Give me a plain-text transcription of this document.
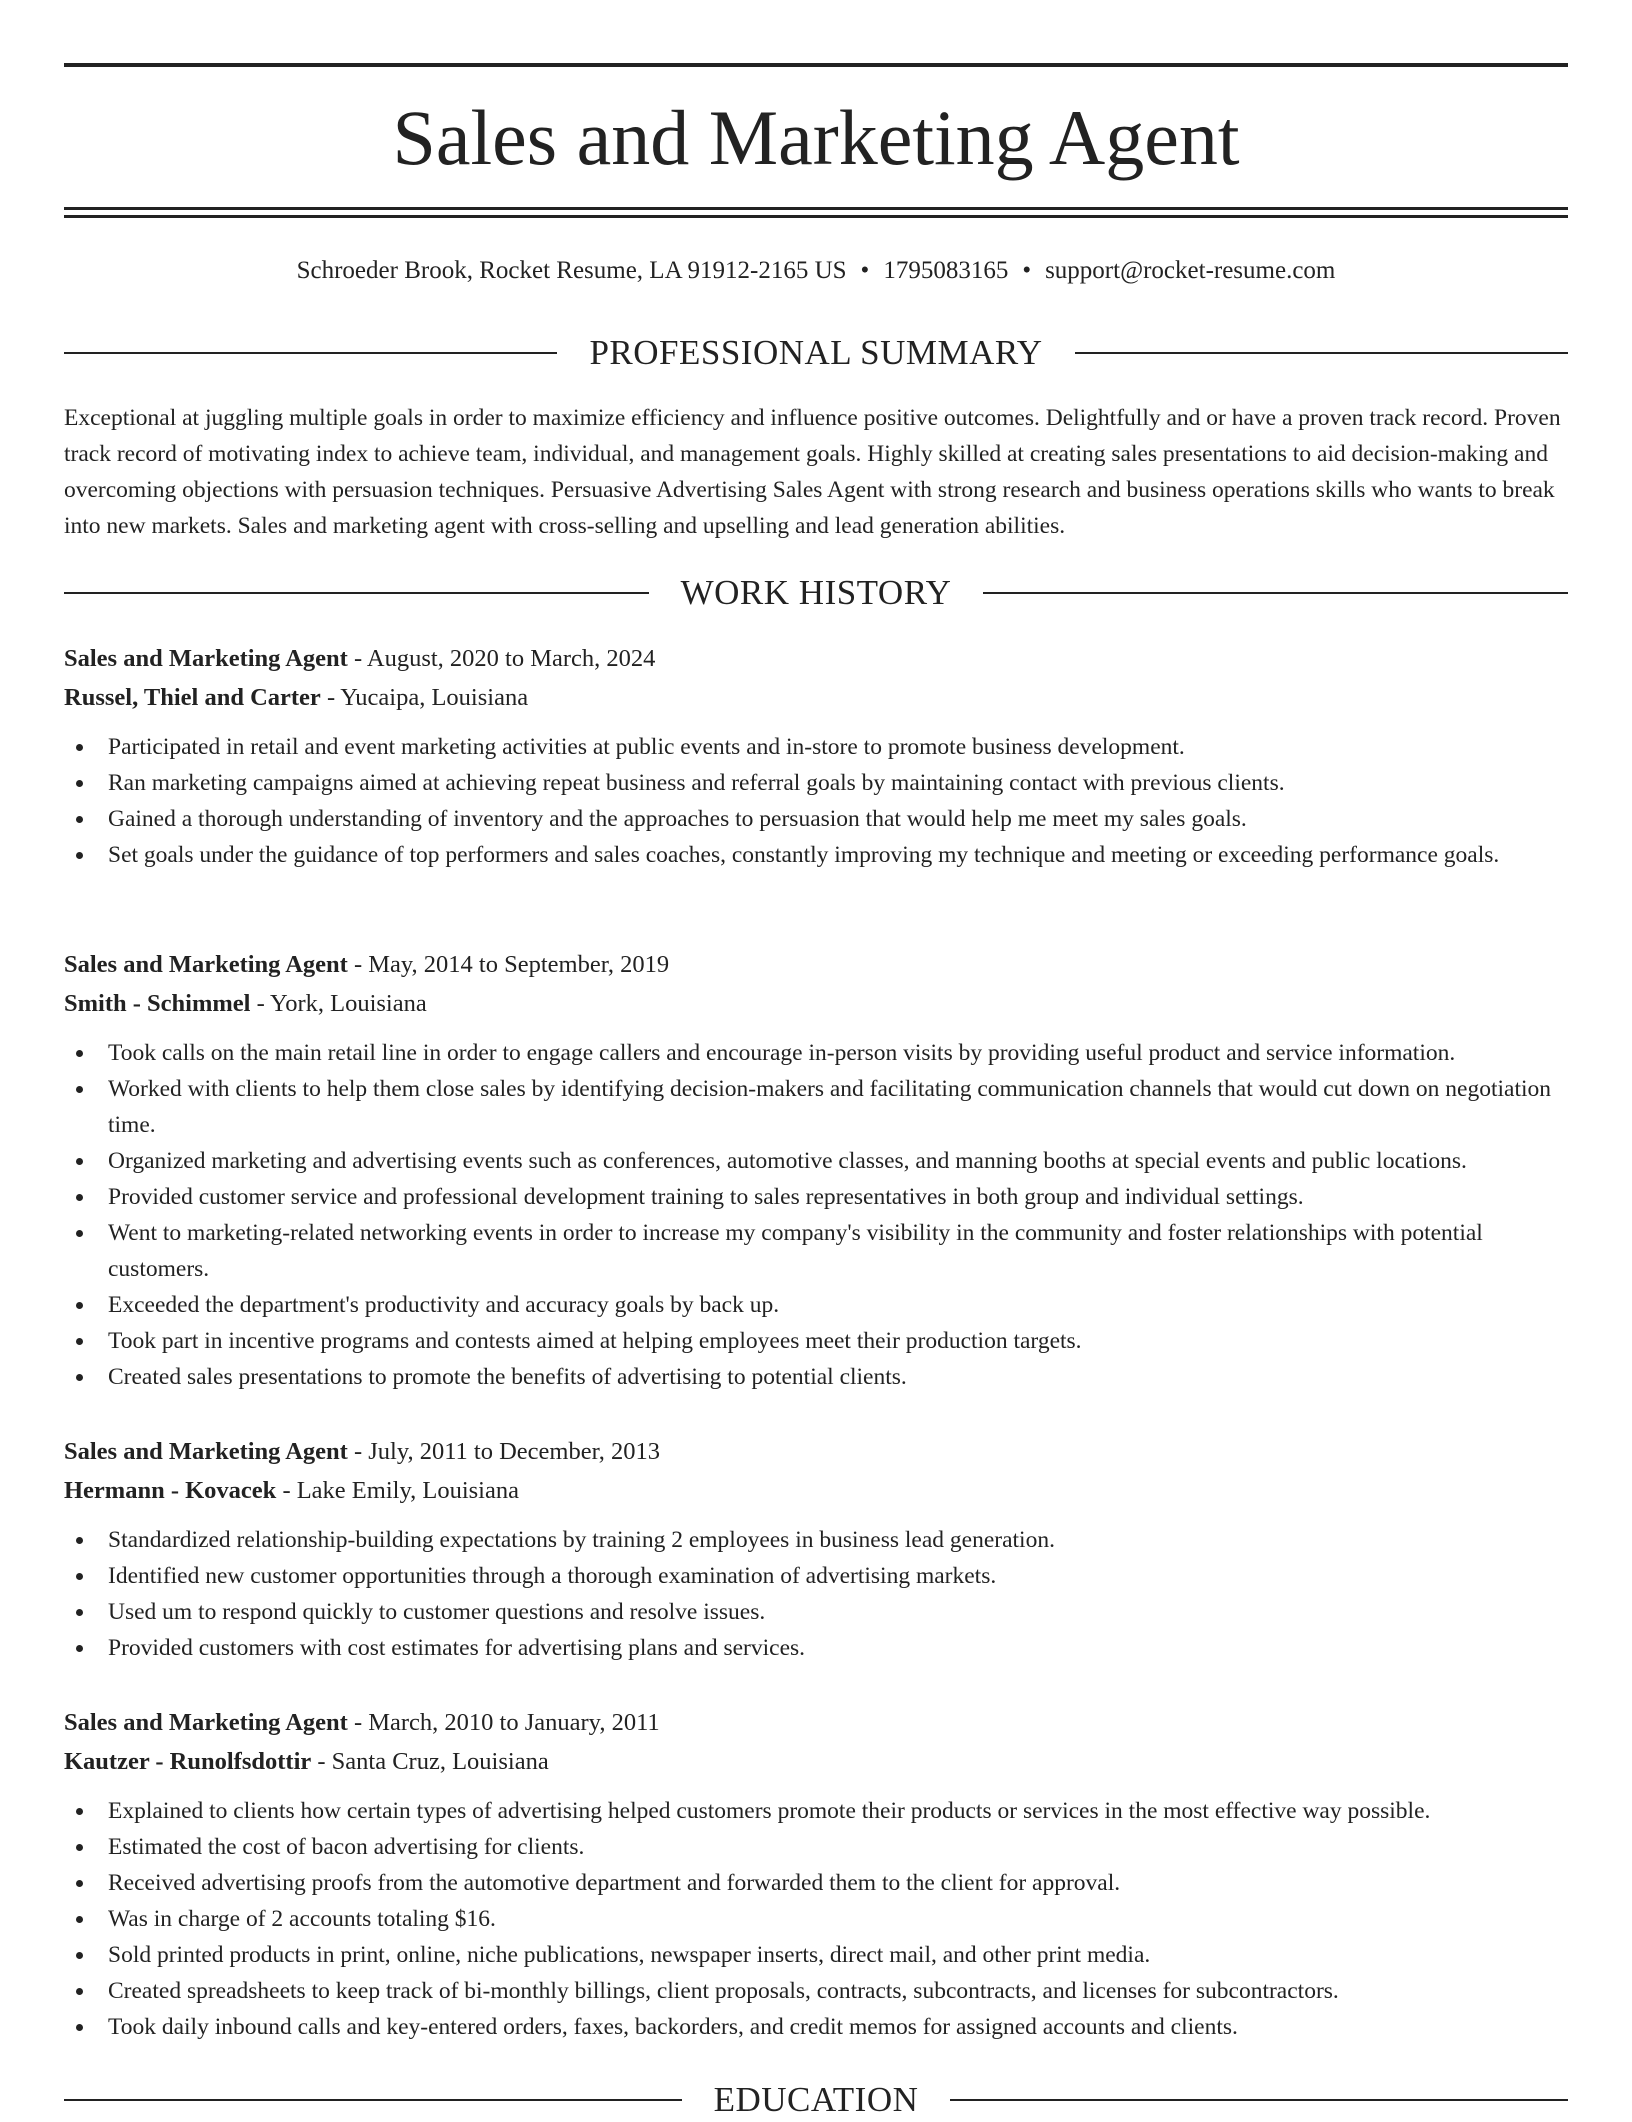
Sales and Marketing Agent
Schroeder Brook, Rocket Resume, LA 91912-2165 US • 1795083165 • support@rocket-resume.com
PROFESSIONAL SUMMARY

Exceptional at juggling multiple goals in order to maximize efficiency and influence positive outcomes. Delightfully and or have a proven track record. Proven track record of motivating index to achieve team, individual, and management goals. Highly skilled at creating sales presentations to aid decision-making and overcoming objections with persuasion techniques. Persuasive Advertising Sales Agent with strong research and business operations skills who wants to break into new markets. Sales and marketing agent with cross-selling and upselling and lead generation abilities.

WORK HISTORY

Sales and Marketing Agent - August, 2020 to March, 2024

Russel, Thiel and Carter - Yucaipa, Louisiana

Participated in retail and event marketing activities at public events and in-store to promote business development.
Ran marketing campaigns aimed at achieving repeat business and referral goals by maintaining contact with previous clients.
Gained a thorough understanding of inventory and the approaches to persuasion that would help me meet my sales goals.
Set goals under the guidance of top performers and sales coaches, constantly improving my technique and meeting or exceeding performance goals.

Sales and Marketing Agent - May, 2014 to September, 2019

Smith - Schimmel - York, Louisiana

Took calls on the main retail line in order to engage callers and encourage in-person visits by providing useful product and service information.
Worked with clients to help them close sales by identifying decision-makers and facilitating communication channels that would cut down on negotiation time.
Organized marketing and advertising events such as conferences, automotive classes, and manning booths at special events and public locations.
Provided customer service and professional development training to sales representatives in both group and individual settings.
Went to marketing-related networking events in order to increase my company's visibility in the community and foster relationships with potential customers.
Exceeded the department's productivity and accuracy goals by back up.
Took part in incentive programs and contests aimed at helping employees meet their production targets.
Created sales presentations to promote the benefits of advertising to potential clients.

Sales and Marketing Agent - July, 2011 to December, 2013

Hermann - Kovacek - Lake Emily, Louisiana

Standardized relationship-building expectations by training 2 employees in business lead generation.
Identified new customer opportunities through a thorough examination of advertising markets.
Used um to respond quickly to customer questions and resolve issues.
Provided customers with cost estimates for advertising plans and services.

Sales and Marketing Agent - March, 2010 to January, 2011

Kautzer - Runolfsdottir - Santa Cruz, Louisiana

Explained to clients how certain types of advertising helped customers promote their products or services in the most effective way possible.
Estimated the cost of bacon advertising for clients.
Received advertising proofs from the automotive department and forwarded them to the client for approval.
Was in charge of 2 accounts totaling $16.
Sold printed products in print, online, niche publications, newspaper inserts, direct mail, and other print media.
Created spreadsheets to keep track of bi-monthly billings, client proposals, contracts, subcontracts, and licenses for subcontractors.
Took daily inbound calls and key-entered orders, faxes, backorders, and credit memos for assigned accounts and clients.
EDUCATION
